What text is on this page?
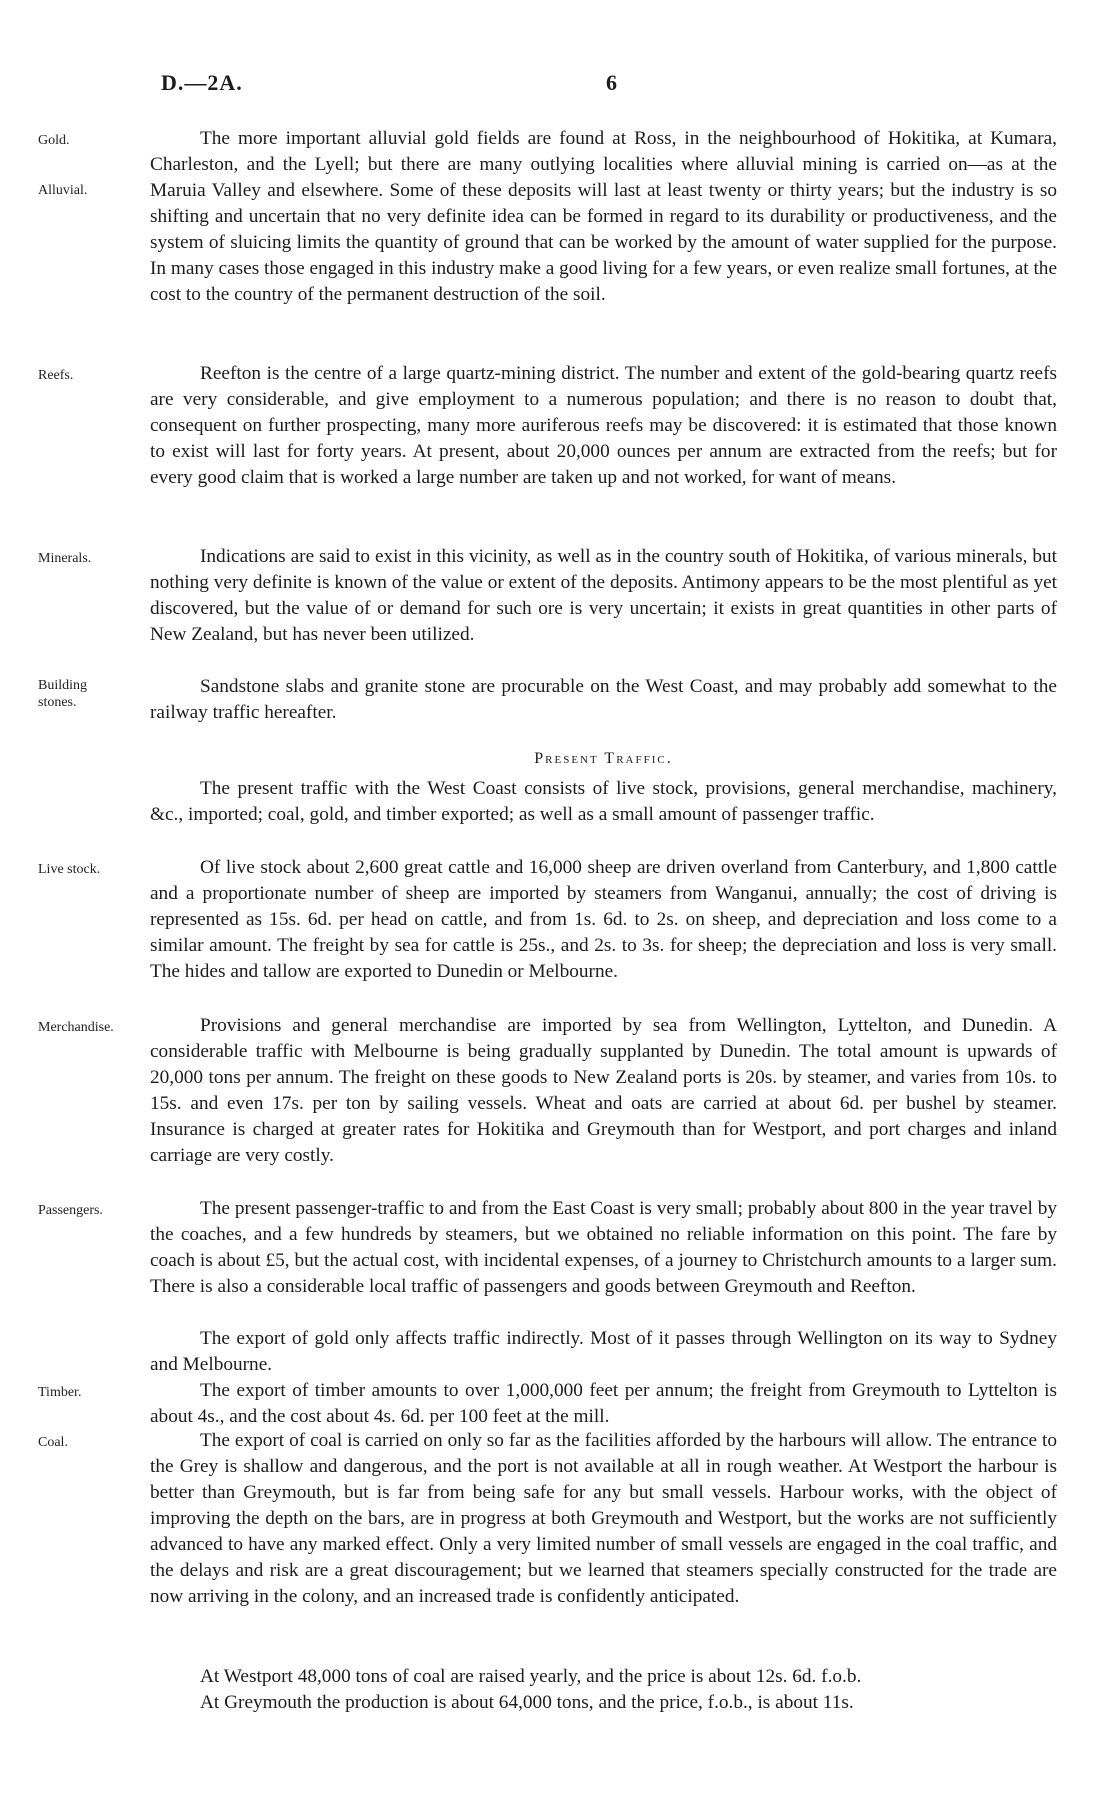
D.—2A.	6
Gold.
Alluvial.
Reefs.
Minerals.
Building stones.
Live stock.
Merchandise.
Passengers.
Timber.
Coal.

The more important alluvial gold fields are found at Ross, in the neighbourhood of Hokitika, at Kumara, Charleston, and the Lyell; but there are many outlying localities where alluvial mining is carried on—as at the Maruia Valley and elsewhere. Some of these deposits will last at least twenty or thirty years; but the industry is so shifting and uncertain that no very definite idea can be formed in regard to its durability or productiveness, and the system of sluicing limits the quantity of ground that can be worked by the amount of water supplied for the purpose. In many cases those engaged in this industry make a good living for a few years, or even realize small fortunes, at the cost to the country of the permanent destruction of the soil.

Reefton is the centre of a large quartz-mining district. The number and extent of the gold-bearing quartz reefs are very considerable, and give employment to a numerous population; and there is no reason to doubt that, consequent on further prospecting, many more auriferous reefs may be discovered: it is estimated that those known to exist will last for forty years. At present, about 20,000 ounces per annum are extracted from the reefs; but for every good claim that is worked a large number are taken up and not worked, for want of means.

Indications are said to exist in this vicinity, as well as in the country south of Hokitika, of various minerals, but nothing very definite is known of the value or extent of the deposits. Antimony appears to be the most plentiful as yet discovered, but the value of or demand for such ore is very uncertain; it exists in great quantities in other parts of New Zealand, but has never been utilized.

Sandstone slabs and granite stone are procurable on the West Coast, and may probably add somewhat to the railway traffic hereafter.

Present Traffic.

The present traffic with the West Coast consists of live stock, provisions, general merchandise, machinery, &c., imported; coal, gold, and timber exported; as well as a small amount of passenger traffic.

Of live stock about 2,600 great cattle and 16,000 sheep are driven overland from Canterbury, and 1,800 cattle and a proportionate number of sheep are imported by steamers from Wanganui, annually; the cost of driving is represented as 15s. 6d. per head on cattle, and from 1s. 6d. to 2s. on sheep, and depreciation and loss come to a similar amount. The freight by sea for cattle is 25s., and 2s. to 3s. for sheep; the depreciation and loss is very small. The hides and tallow are exported to Dunedin or Melbourne.

Provisions and general merchandise are imported by sea from Wellington, Lyttelton, and Dunedin. A considerable traffic with Melbourne is being gradually supplanted by Dunedin. The total amount is upwards of 20,000 tons per annum. The freight on these goods to New Zealand ports is 20s. by steamer, and varies from 10s. to 15s. and even 17s. per ton by sailing vessels. Wheat and oats are carried at about 6d. per bushel by steamer. Insurance is charged at greater rates for Hokitika and Greymouth than for Westport, and port charges and inland carriage are very costly.

The present passenger-traffic to and from the East Coast is very small; probably about 800 in the year travel by the coaches, and a few hundreds by steamers, but we obtained no reliable information on this point. The fare by coach is about £5, but the actual cost, with incidental expenses, of a journey to Christchurch amounts to a larger sum. There is also a considerable local traffic of passengers and goods between Greymouth and Reefton.

The export of gold only affects traffic indirectly. Most of it passes through Wellington on its way to Sydney and Melbourne.

The export of timber amounts to over 1,000,000 feet per annum; the freight from Greymouth to Lyttelton is about 4s., and the cost about 4s. 6d. per 100 feet at the mill.

The export of coal is carried on only so far as the facilities afforded by the harbours will allow. The entrance to the Grey is shallow and dangerous, and the port is not available at all in rough weather. At Westport the harbour is better than Greymouth, but is far from being safe for any but small vessels. Harbour works, with the object of improving the depth on the bars, are in progress at both Greymouth and Westport, but the works are not sufficiently advanced to have any marked effect. Only a very limited number of small vessels are engaged in the coal traffic, and the delays and risk are a great discouragement; but we learned that steamers specially constructed for the trade are now arriving in the colony, and an increased trade is confidently anticipated.

At Westport 48,000 tons of coal are raised yearly, and the price is about 12s. 6d. f.o.b.

At Greymouth the production is about 64,000 tons, and the price, f.o.b., is about 11s.
